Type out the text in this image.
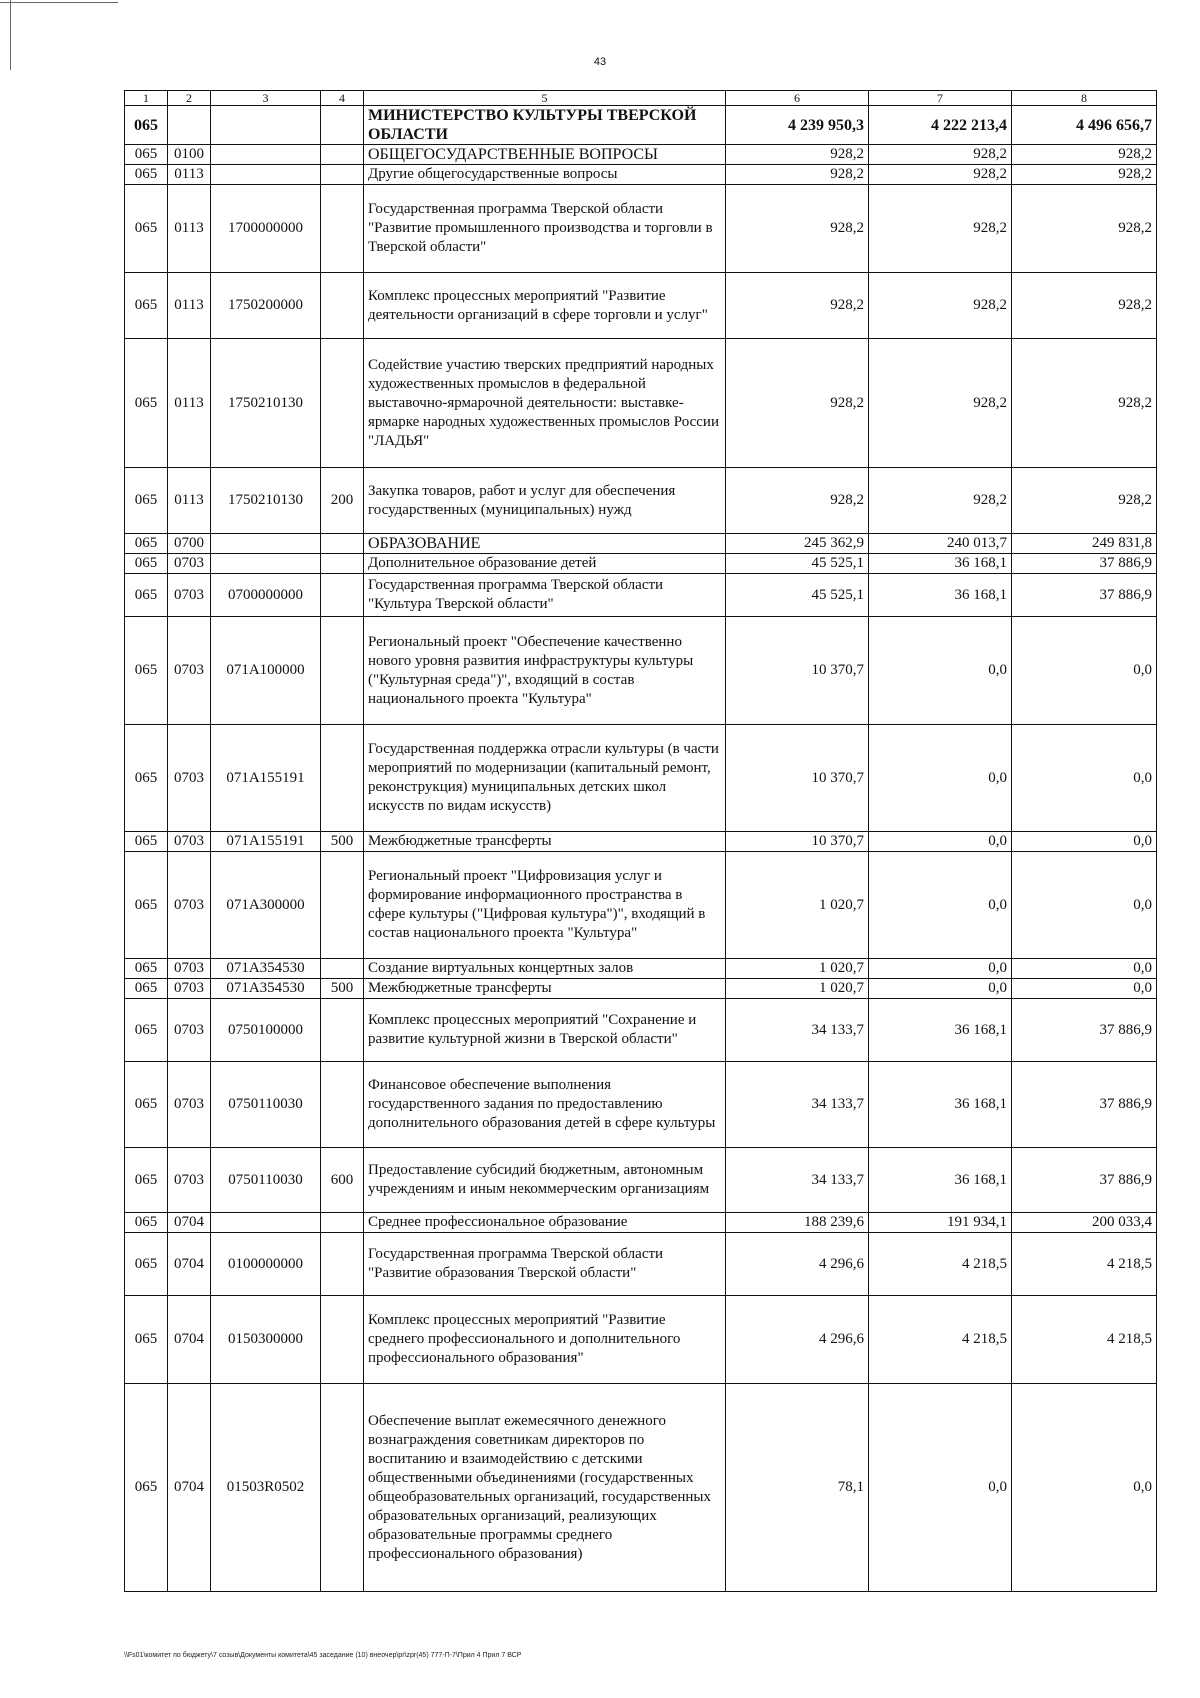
43
1	2	3	4	5	6	7	8
065				МИНИСТЕРСТВО КУЛЬТУРЫ ТВЕРСКОЙ ОБЛАСТИ	4 239 950,3	4 222 213,4	4 496 656,7
065	0100			ОБЩЕГОСУДАРСТВЕННЫЕ ВОПРОСЫ	928,2	928,2	928,2
065	0113			Другие общегосударственные вопросы	928,2	928,2	928,2
065	0113	1700000000		Государственная программа Тверской области "Развитие промышленного производства и торговли в Тверской области"	928,2	928,2	928,2
065	0113	1750200000		Комплекс процессных мероприятий "Развитие деятельности организаций в сфере торговли и услуг"	928,2	928,2	928,2
065	0113	1750210130		Содействие участию тверских предприятий народных художественных промыслов в федеральной выставочно-ярмарочной деятельности: выставке-ярмарке народных художественных промыслов России "ЛАДЬЯ"	928,2	928,2	928,2
065	0113	1750210130	200	Закупка товаров, работ и услуг для обеспечения государственных (муниципальных) нужд	928,2	928,2	928,2
065	0700			ОБРАЗОВАНИЕ	245 362,9	240 013,7	249 831,8
065	0703			Дополнительное образование детей	45 525,1	36 168,1	37 886,9
065	0703	0700000000		Государственная программа Тверской области "Культура Тверской области"	45 525,1	36 168,1	37 886,9
065	0703	071A100000		Региональный проект "Обеспечение качественно нового уровня развития инфраструктуры культуры ("Культурная среда")", входящий в состав национального проекта "Культура"	10 370,7	0,0	0,0
065	0703	071A155191		Государственная поддержка отрасли культуры (в части мероприятий по модернизации (капитальный ремонт, реконструкция) муниципальных детских школ искусств по видам искусств)	10 370,7	0,0	0,0
065	0703	071A155191	500	Межбюджетные трансферты	10 370,7	0,0	0,0
065	0703	071A300000		Региональный проект "Цифровизация услуг и формирование информационного пространства в сфере культуры ("Цифровая культура")", входящий в состав национального проекта "Культура"	1 020,7	0,0	0,0
065	0703	071A354530		Создание виртуальных концертных залов	1 020,7	0,0	0,0
065	0703	071A354530	500	Межбюджетные трансферты	1 020,7	0,0	0,0
065	0703	0750100000		Комплекс процессных мероприятий "Сохранение и развитие культурной жизни в Тверской области"	34 133,7	36 168,1	37 886,9
065	0703	0750110030		Финансовое обеспечение выполнения государственного задания по предоставлению дополнительного образования детей в сфере культуры	34 133,7	36 168,1	37 886,9
065	0703	0750110030	600	Предоставление субсидий бюджетным, автономным учреждениям и иным некоммерческим организациям	34 133,7	36 168,1	37 886,9
065	0704			Среднее профессиональное образование	188 239,6	191 934,1	200 033,4
065	0704	0100000000		Государственная программа Тверской области "Развитие образования Тверской области"	4 296,6	4 218,5	4 218,5
065	0704	0150300000		Комплекс процессных мероприятий "Развитие среднего профессионального и дополнительного профессионального образования"	4 296,6	4 218,5	4 218,5
065	0704	01503R0502		Обеспечение выплат ежемесячного денежного вознаграждения советникам директоров по воспитанию и взаимодействию с детскими общественными объединениями (государственных общеобразовательных организаций, государственных образовательных организаций, реализующих образовательные программы среднего профессионального образования)	78,1	0,0	0,0
\\Fs01\комитет по бюджету\7 созыв\Документы комитета\45 заседание (10) внеочер\pr\zpr(45) 777-П-7\Прил 4 Прил 7 ВСР
